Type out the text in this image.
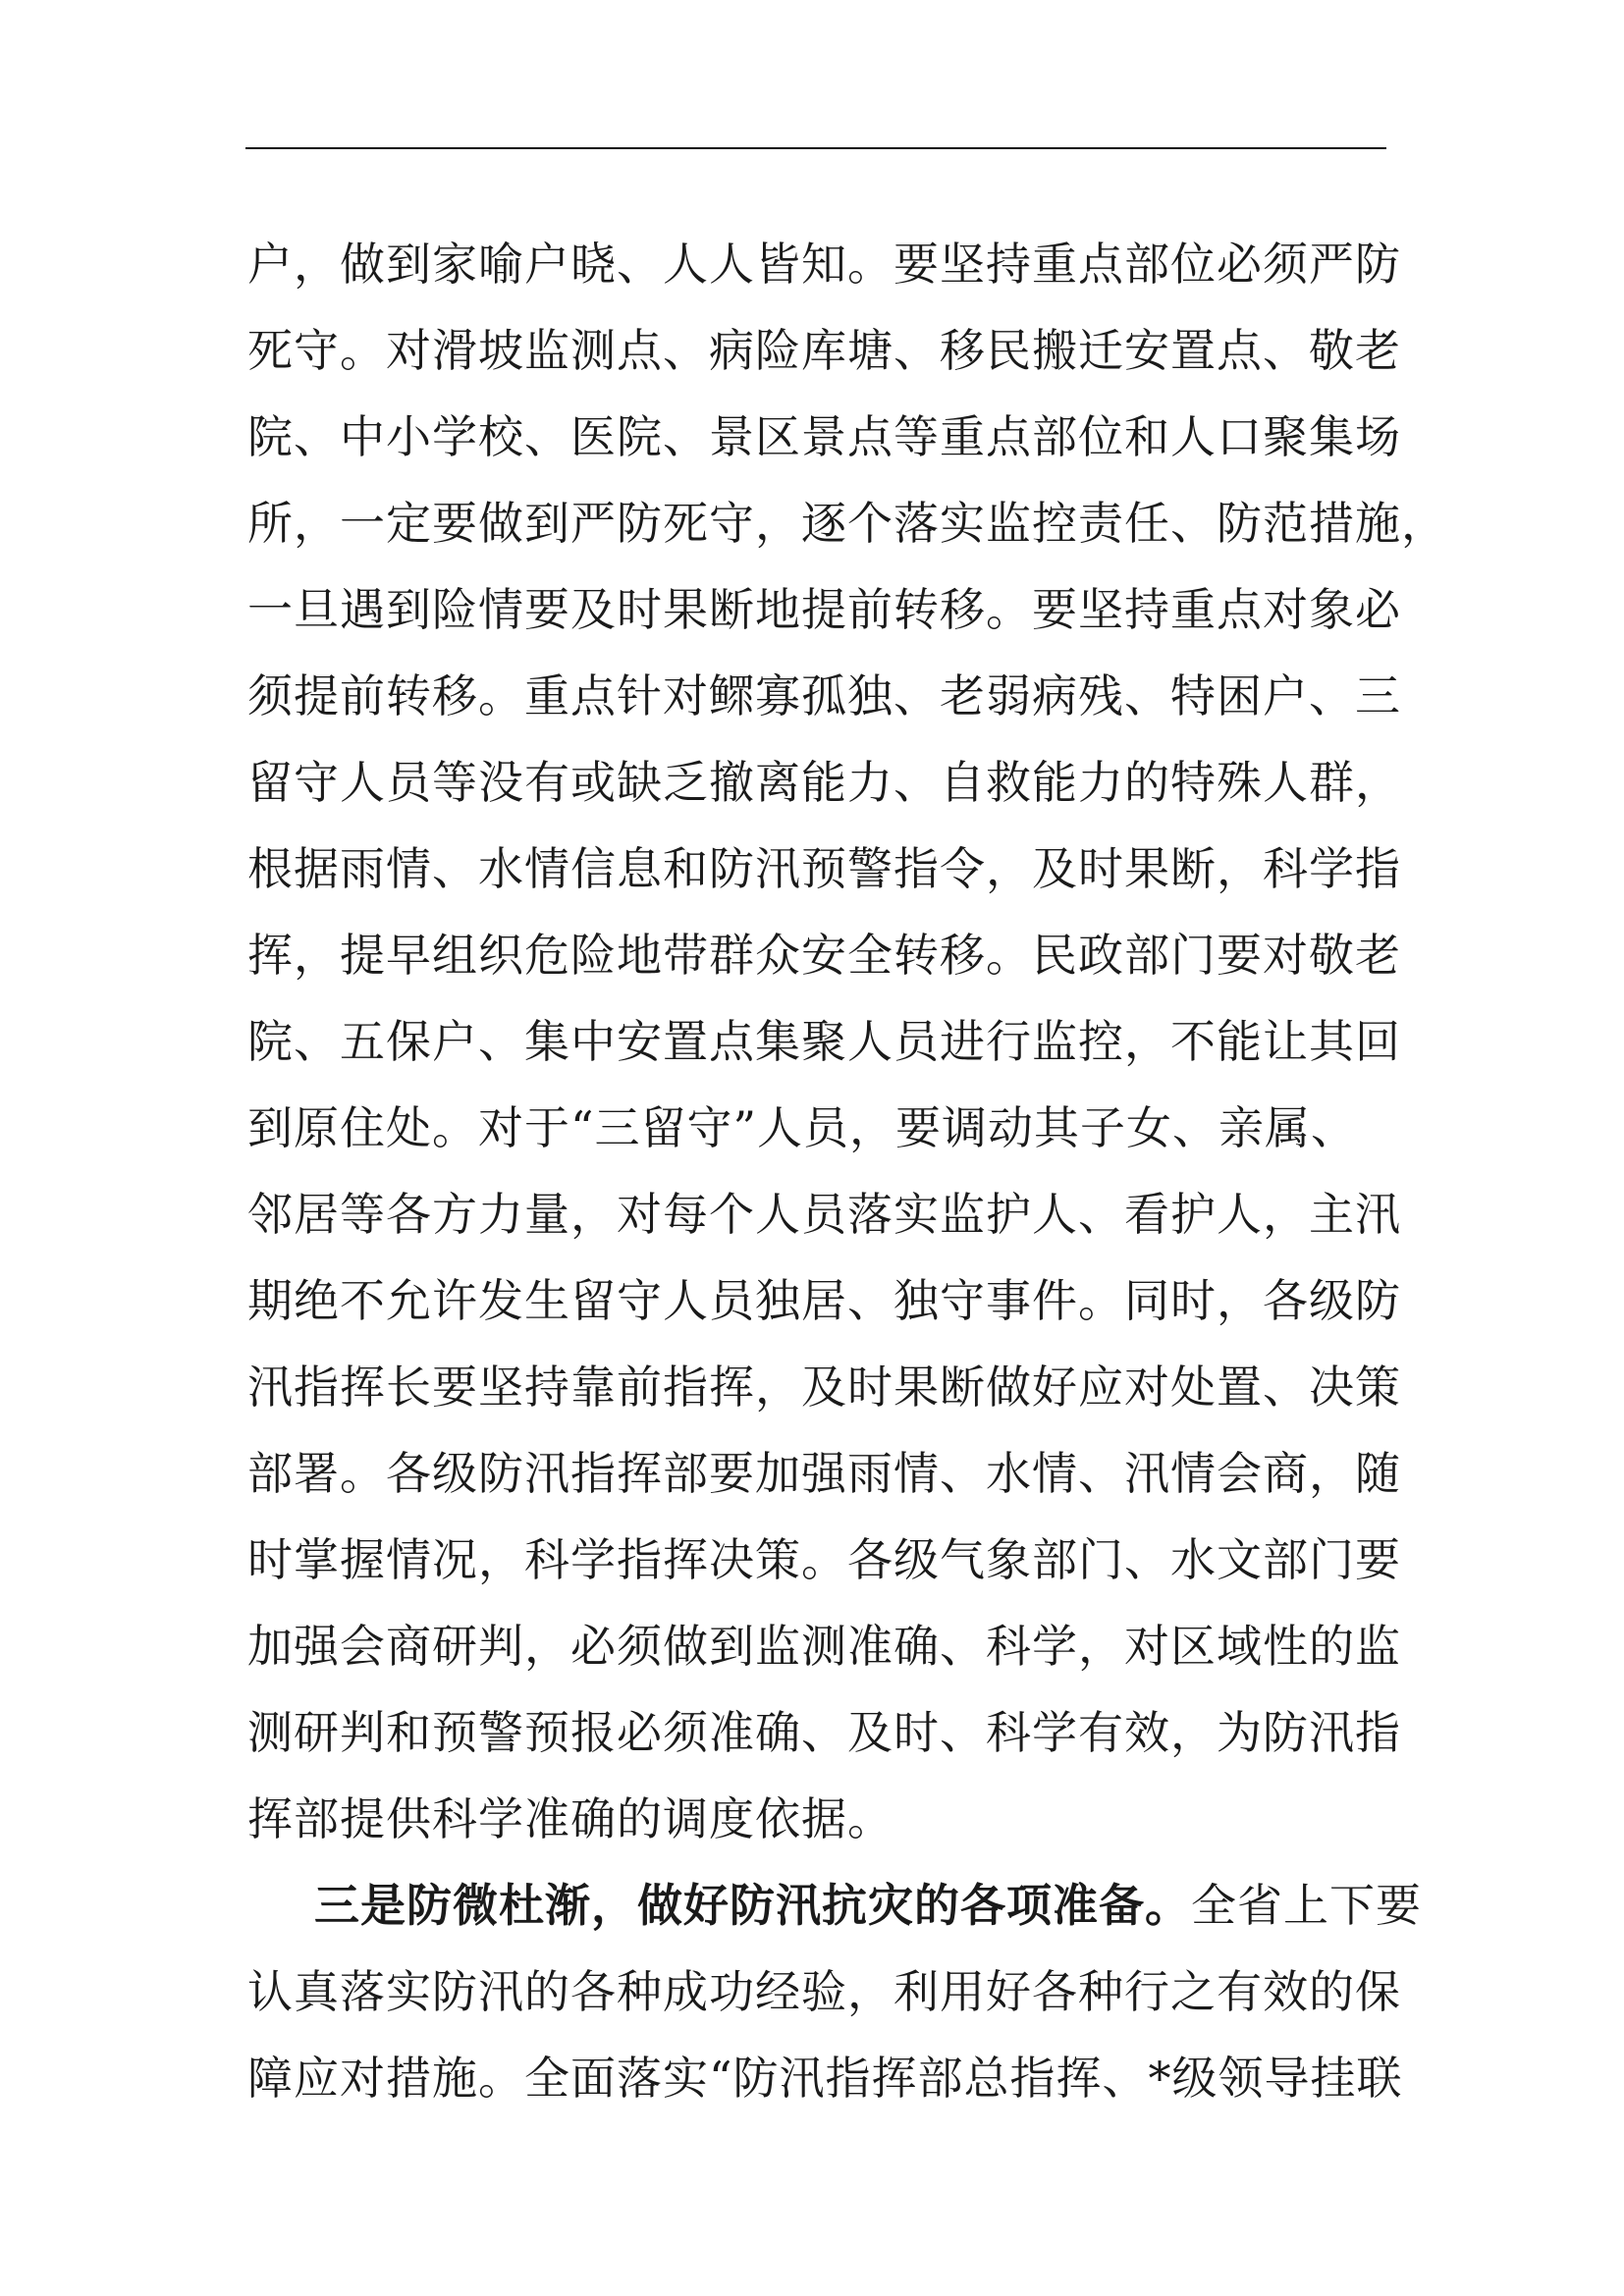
户，做到家喻户晓、人人皆知。要坚持重点部位必须严防
死守。对滑坡监测点、病险库塘、移民搬迁安置点、敬老
院、中小学校、医院、景区景点等重点部位和人口聚集场
所，一定要做到严防死守，逐个落实监控责任、防范措施，
一旦遇到险情要及时果断地提前转移。要坚持重点对象必
须提前转移。重点针对鳏寡孤独、老弱病残、特困户、三
留守人员等没有或缺乏撤离能力、自救能力的特殊人群，
根据雨情、水情信息和防汛预警指令，及时果断，科学指
挥，提早组织危险地带群众安全转移。民政部门要对敬老
院、五保户、集中安置点集聚人员进行监控，不能让其回
到原住处。对于“三留守”人员，要调动其子女、亲属、
邻居等各方力量，对每个人员落实监护人、看护人，主汛
期绝不允许发生留守人员独居、独守事件。同时，各级防
汛指挥长要坚持靠前指挥，及时果断做好应对处置、决策
部署。各级防汛指挥部要加强雨情、水情、汛情会商，随
时掌握情况，科学指挥决策。各级气象部门、水文部门要
加强会商研判，必须做到监测准确、科学，对区域性的监
测研判和预警预报必须准确、及时、科学有效，为防汛指
挥部提供科学准确的调度依据。
三是防微杜渐，做好防汛抗灾的各项准备。全省上下要
认真落实防汛的各种成功经验，利用好各种行之有效的保
障应对措施。全面落实“防汛指挥部总指挥、*级领导挂联
